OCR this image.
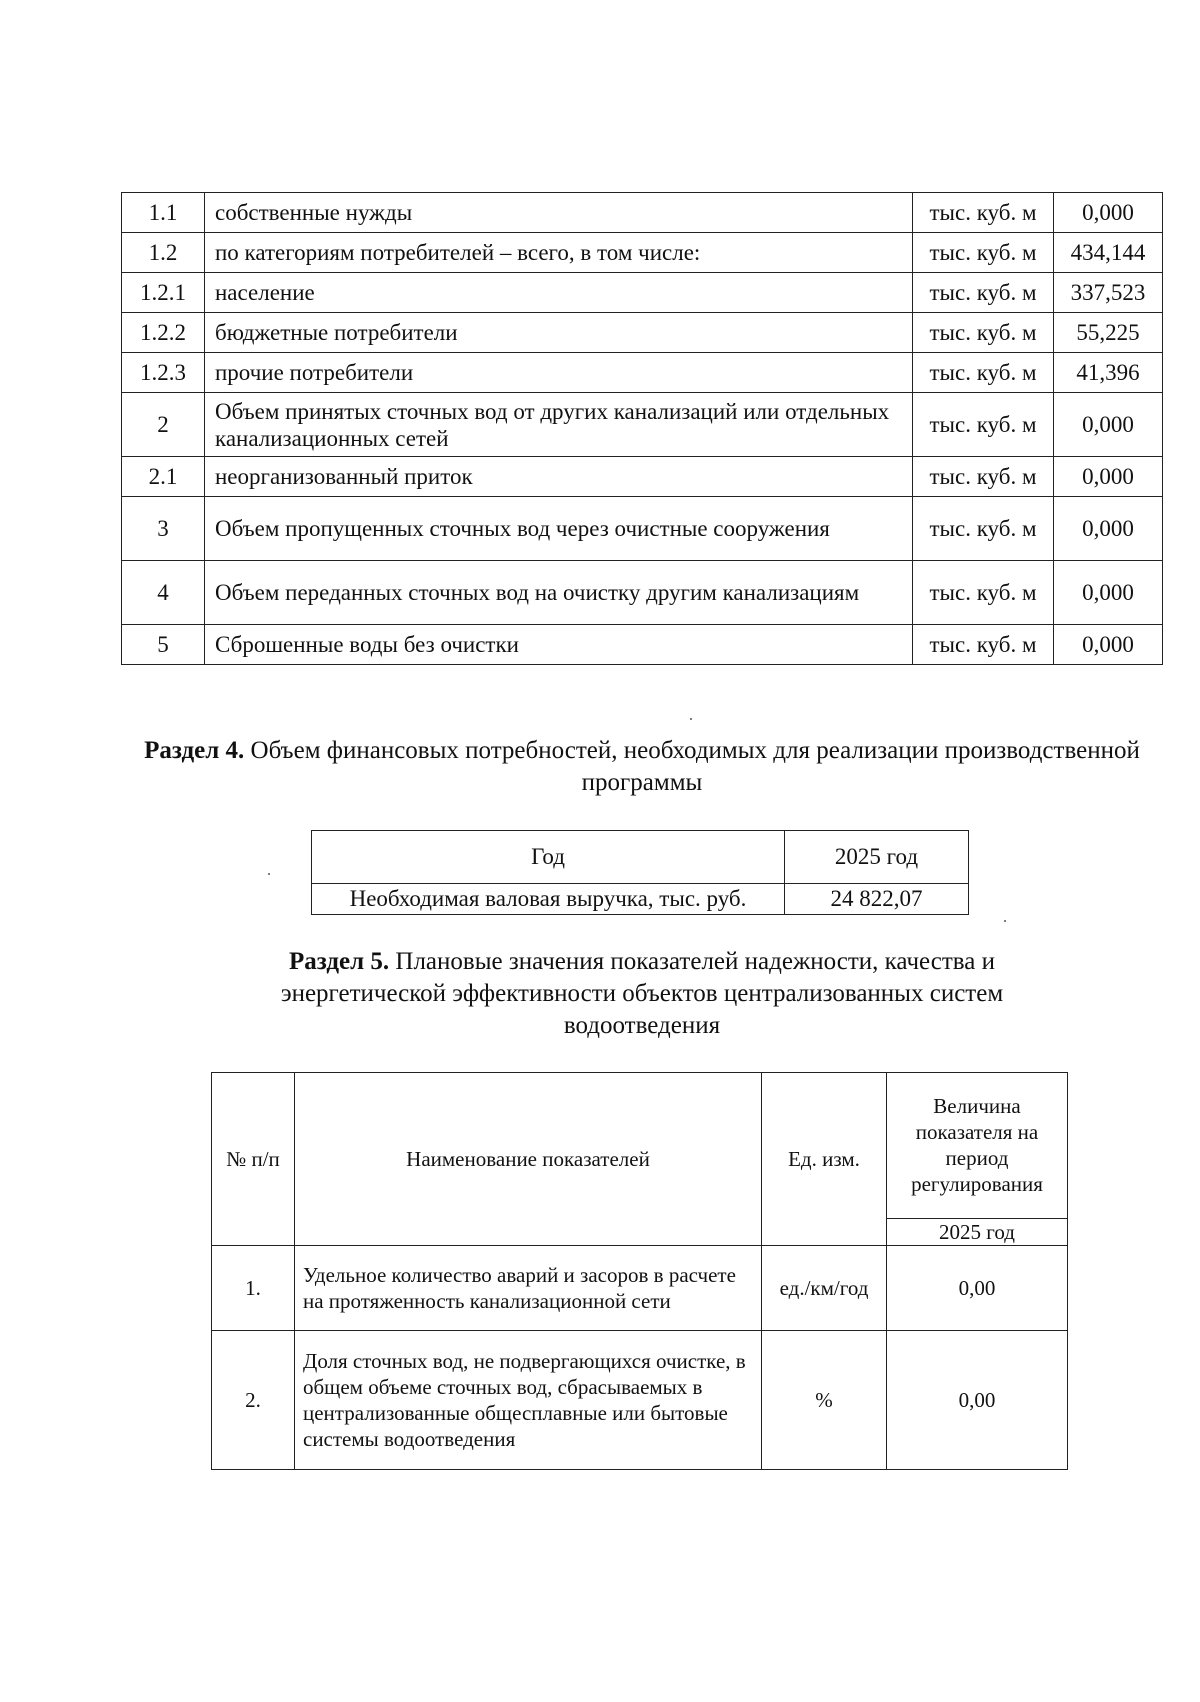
1.1	собственные нужды	тыс. куб. м	0,000
1.2	по категориям потребителей – всего, в том числе:	тыс. куб. м	434,144
1.2.1	население	тыс. куб. м	337,523
1.2.2	бюджетные потребители	тыс. куб. м	55,225
1.2.3	прочие потребители	тыс. куб. м	41,396
2	Объем принятых сточных вод от других канализаций или отдельных канализационных сетей	тыс. куб. м	0,000
2.1	неорганизованный приток	тыс. куб. м	0,000
3	Объем пропущенных сточных вод через очистные сооружения	тыс. куб. м	0,000
4	Объем переданных сточных вод на очистку другим канализациям	тыс. куб. м	0,000
5	Сброшенные воды без очистки	тыс. куб. м	0,000
Раздел 4. Объем финансовых потребностей, необходимых для реализации производственной программы
Год	2025 год
Необходимая валовая выручка, тыс. руб.	24 822,07
Раздел 5. Плановые значения показателей надежности, качества и энергетической эффективности объектов централизованных систем водоотведения
№ п/п	Наименование показателей	Ед. изм.	Величина показателя на период регулирования
			2025 год
1.	Удельное количество аварий и засоров в расчете на протяженность канализационной сети	ед./км/год	0,00
2.	Доля сточных вод, не подвергающихся очистке, в общем объеме сточных вод, сбрасываемых в централизованные общесплавные или бытовые системы водоотведения	%	0,00
